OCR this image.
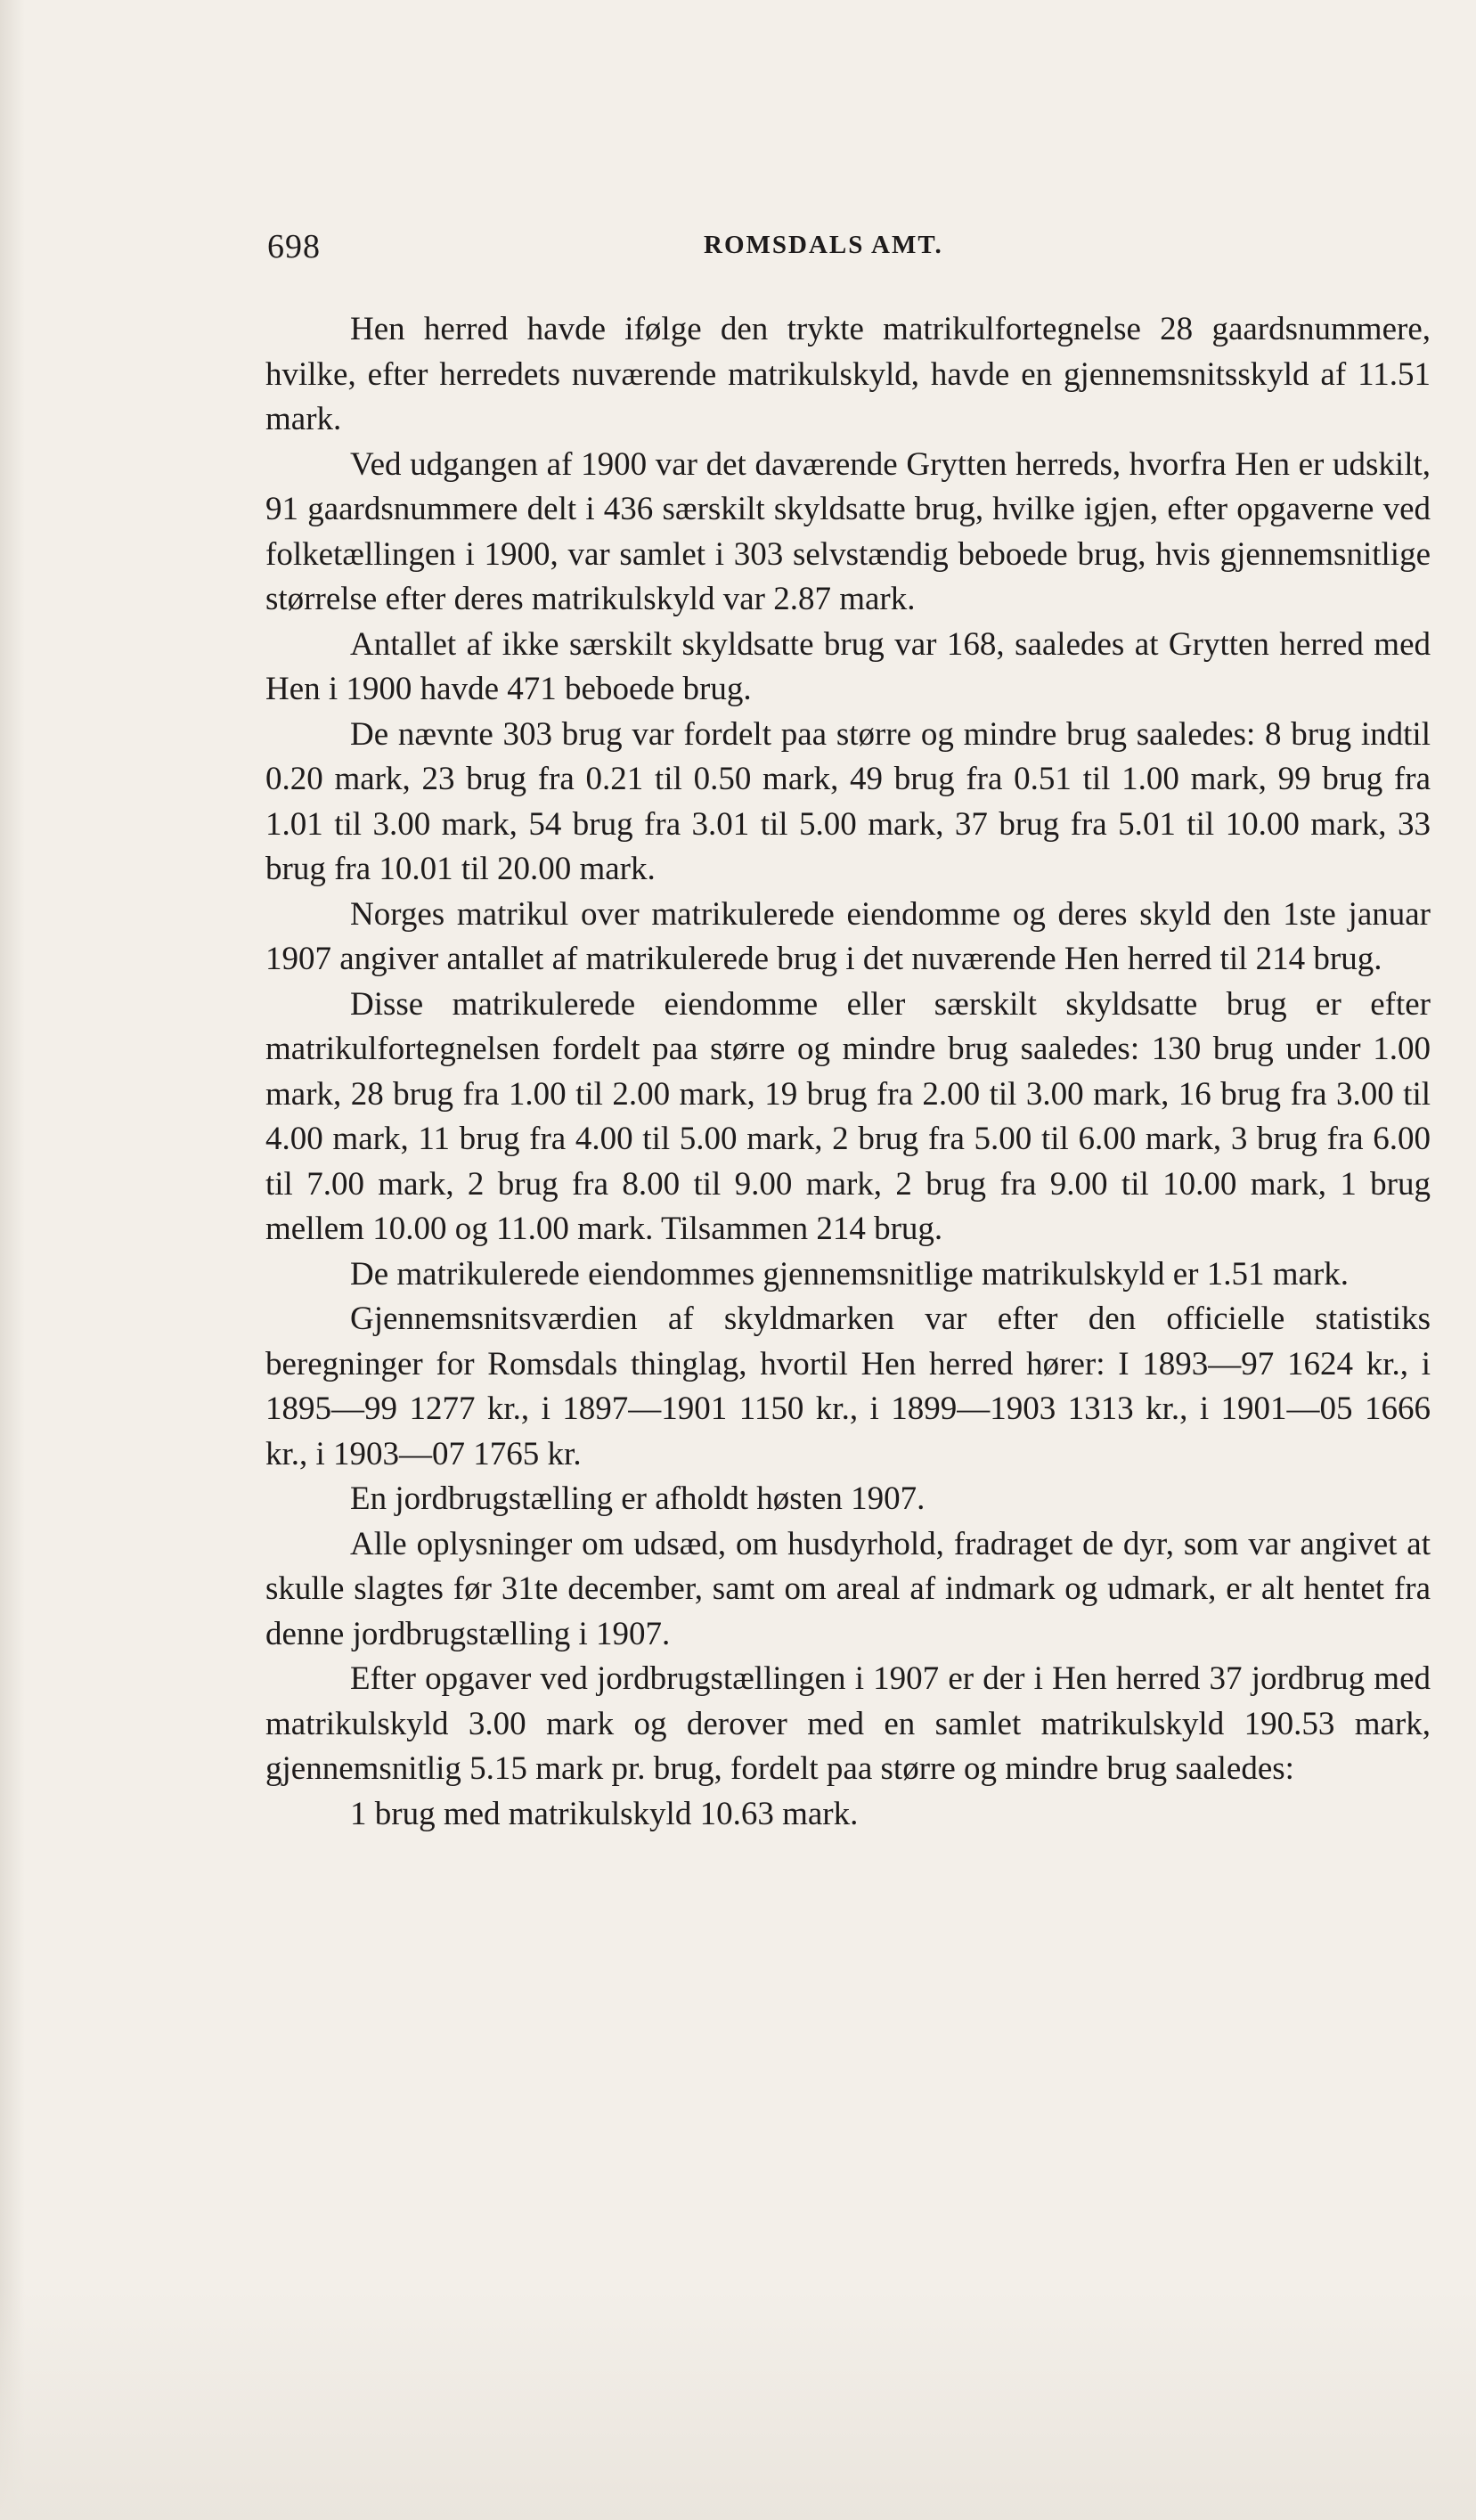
698	ROMSDALS AMT.

Hen herred havde ifølge den trykte matrikulfortegnelse 28 gaardsnummere, hvilke, efter herredets nuværende matrikulskyld, havde en gjennemsnitsskyld af 11.51 mark.

Ved udgangen af 1900 var det daværende Grytten herreds, hvorfra Hen er udskilt, 91 gaardsnummere delt i 436 særskilt skyldsatte brug, hvilke igjen, efter opgaverne ved folketællingen i 1900, var samlet i 303 selvstændig beboede brug, hvis gjennemsnitlige størrelse efter deres matrikulskyld var 2.87 mark.

Antallet af ikke særskilt skyldsatte brug var 168, saaledes at Grytten herred med Hen i 1900 havde 471 beboede brug.

De nævnte 303 brug var fordelt paa større og mindre brug saaledes: 8 brug indtil 0.20 mark, 23 brug fra 0.21 til 0.50 mark, 49 brug fra 0.51 til 1.00 mark, 99 brug fra 1.01 til 3.00 mark, 54 brug fra 3.01 til 5.00 mark, 37 brug fra 5.01 til 10.00 mark, 33 brug fra 10.01 til 20.00 mark.

Norges matrikul over matrikulerede eiendomme og deres skyld den 1ste januar 1907 angiver antallet af matrikulerede brug i det nuværende Hen herred til 214 brug.

Disse matrikulerede eiendomme eller særskilt skyldsatte brug er efter matrikulfortegnelsen fordelt paa større og mindre brug saaledes: 130 brug under 1.00 mark, 28 brug fra 1.00 til 2.00 mark, 19 brug fra 2.00 til 3.00 mark, 16 brug fra 3.00 til 4.00 mark, 11 brug fra 4.00 til 5.00 mark, 2 brug fra 5.00 til 6.00 mark, 3 brug fra 6.00 til 7.00 mark, 2 brug fra 8.00 til 9.00 mark, 2 brug fra 9.00 til 10.00 mark, 1 brug mellem 10.00 og 11.00 mark. Tilsammen 214 brug.

De matrikulerede eiendommes gjennemsnitlige matrikulskyld er 1.51 mark.

Gjennemsnitsværdien af skyldmarken var efter den officielle statistiks beregninger for Romsdals thinglag, hvortil Hen herred hører: I 1893—97 1624 kr., i 1895—99 1277 kr., i 1897—1901 1150 kr., i 1899—1903 1313 kr., i 1901—05 1666 kr., i 1903—07 1765 kr.

En jordbrugstælling er afholdt høsten 1907.

Alle oplysninger om udsæd, om husdyrhold, fradraget de dyr, som var angivet at skulle slagtes før 31te december, samt om areal af indmark og udmark, er alt hentet fra denne jordbrugstælling i 1907.

Efter opgaver ved jordbrugstællingen i 1907 er der i Hen herred 37 jordbrug med matrikulskyld 3.00 mark og derover med en samlet matrikulskyld 190.53 mark, gjennemsnitlig 5.15 mark pr. brug, fordelt paa større og mindre brug saaledes:

1 brug med matrikulskyld 10.63 mark.
